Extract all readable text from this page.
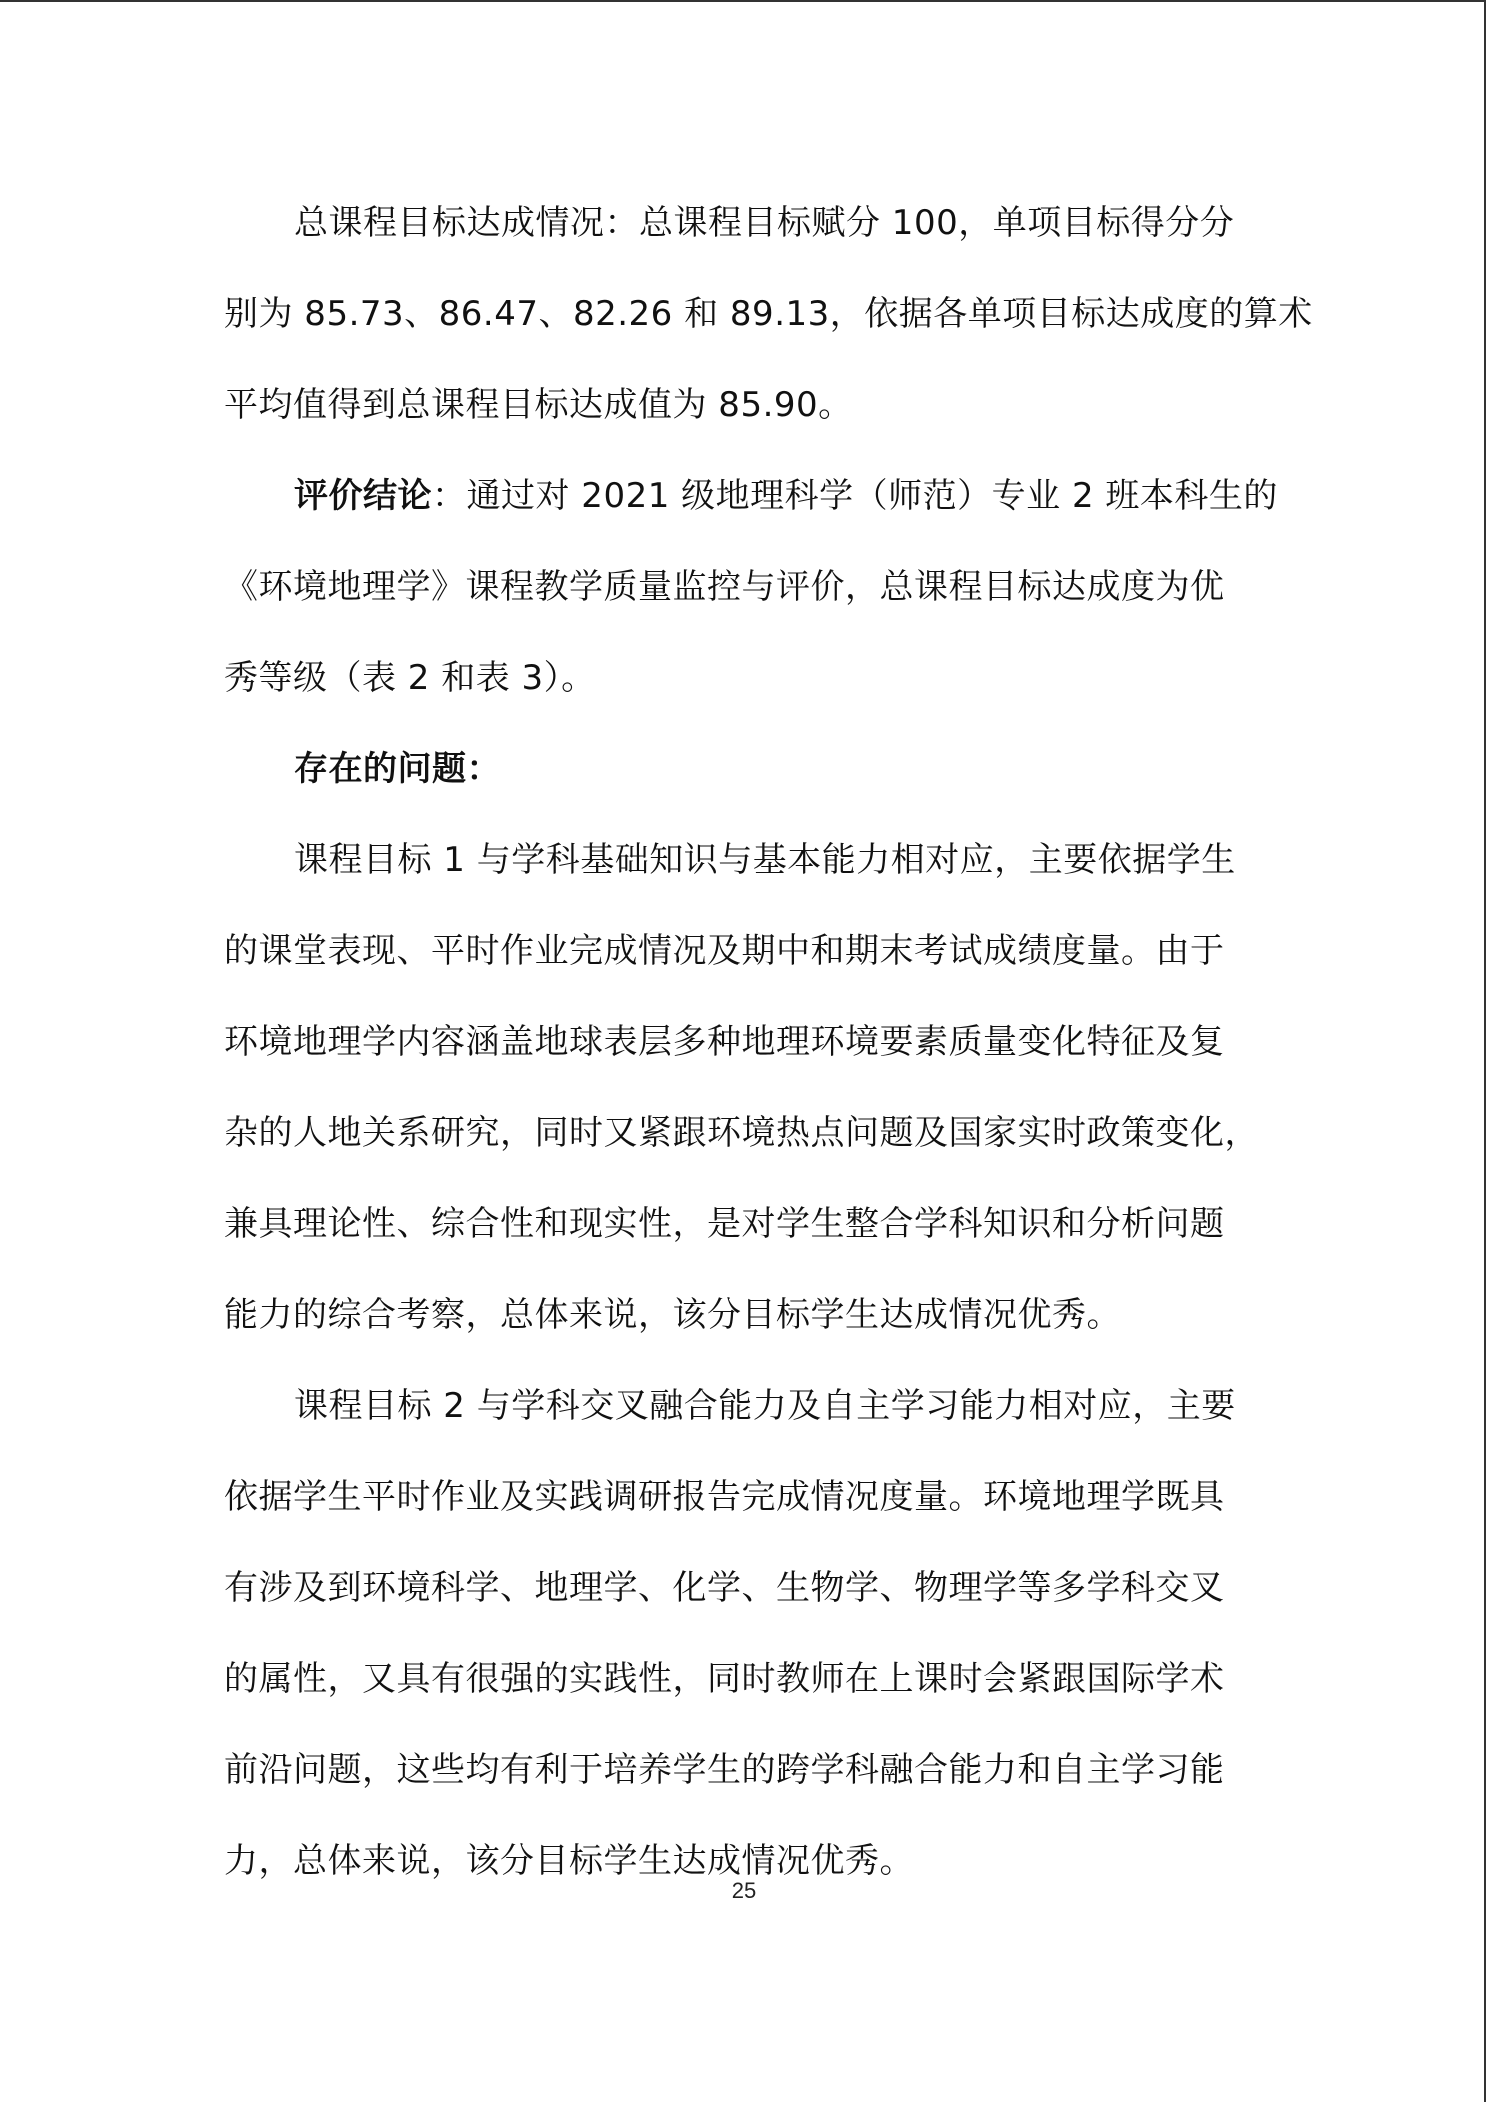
总课程目标达成情况：总课程目标赋分 100，单项目标得分分
别为 85.73、86.47、82.26 和 89.13，依据各单项目标达成度的算术
平均值得到总课程目标达成值为 85.90。
评价结论：通过对 2021 级地理科学（师范）专业 2 班本科生的
《环境地理学》课程教学质量监控与评价，总课程目标达成度为优
秀等级（表 2 和表 3）。
存在的问题：
课程目标 1 与学科基础知识与基本能力相对应，主要依据学生
的课堂表现、平时作业完成情况及期中和期末考试成绩度量。由于
环境地理学内容涵盖地球表层多种地理环境要素质量变化特征及复
杂的人地关系研究，同时又紧跟环境热点问题及国家实时政策变化，
兼具理论性、综合性和现实性，是对学生整合学科知识和分析问题
能力的综合考察，总体来说，该分目标学生达成情况优秀。
课程目标 2 与学科交叉融合能力及自主学习能力相对应，主要
依据学生平时作业及实践调研报告完成情况度量。环境地理学既具
有涉及到环境科学、地理学、化学、生物学、物理学等多学科交叉
的属性，又具有很强的实践性，同时教师在上课时会紧跟国际学术
前沿问题，这些均有利于培养学生的跨学科融合能力和自主学习能
力，总体来说，该分目标学生达成情况优秀。
25
